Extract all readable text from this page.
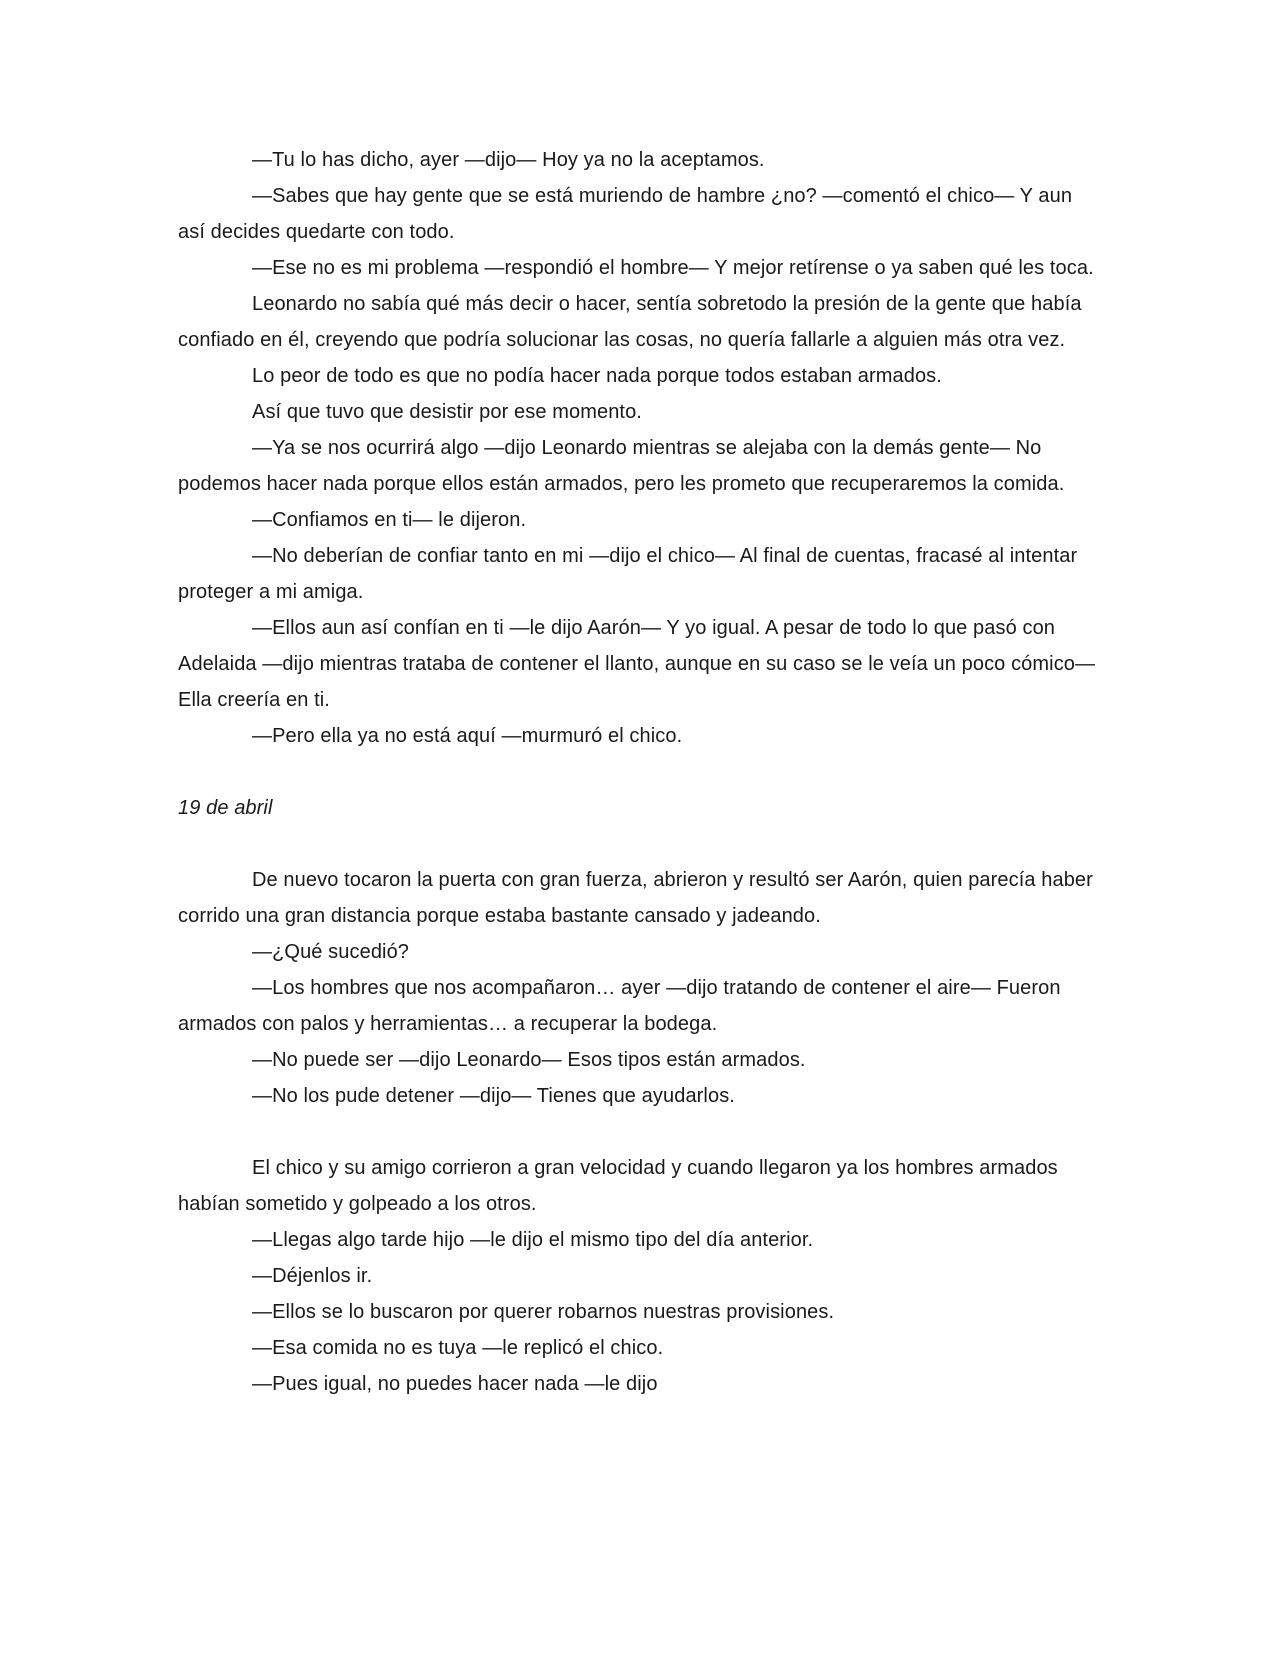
—Tu lo has dicho, ayer —dijo— Hoy ya no la aceptamos.

—Sabes que hay gente que se está muriendo de hambre ¿no? —comentó el chico— Y aun así decides quedarte con todo.

—Ese no es mi problema —respondió el hombre— Y mejor retírense o ya saben qué les toca.

Leonardo no sabía qué más decir o hacer, sentía sobretodo la presión de la gente que había confiado en él, creyendo que podría solucionar las cosas, no quería fallarle a alguien más otra vez.

Lo peor de todo es que no podía hacer nada porque todos estaban armados.

Así que tuvo que desistir por ese momento.

—Ya se nos ocurrirá algo —dijo Leonardo mientras se alejaba con la demás gente— No podemos hacer nada porque ellos están armados, pero les prometo que recuperaremos la comida.

—Confiamos en ti— le dijeron.

—No deberían de confiar tanto en mi —dijo el chico— Al final de cuentas, fracasé al intentar proteger a mi amiga.

—Ellos aun así confían en ti —le dijo Aarón— Y yo igual. A pesar de todo lo que pasó con Adelaida —dijo mientras trataba de contener el llanto, aunque en su caso se le veía un poco cómico— Ella creería en ti.

—Pero ella ya no está aquí —murmuró el chico.

19 de abril

De nuevo tocaron la puerta con gran fuerza, abrieron y resultó ser Aarón, quien parecía haber corrido una gran distancia porque estaba bastante cansado y jadeando.

—¿Qué sucedió?

—Los hombres que nos acompañaron… ayer —dijo tratando de contener el aire— Fueron armados con palos y herramientas… a recuperar la bodega.

—No puede ser —dijo Leonardo— Esos tipos están armados.

—No los pude detener —dijo— Tienes que ayudarlos.

El chico y su amigo corrieron a gran velocidad y cuando llegaron ya los hombres armados habían sometido y golpeado a los otros.

—Llegas algo tarde hijo —le dijo el mismo tipo del día anterior.

—Déjenlos ir.

—Ellos se lo buscaron por querer robarnos nuestras provisiones.

—Esa comida no es tuya —le replicó el chico.

—Pues igual, no puedes hacer nada —le dijo
